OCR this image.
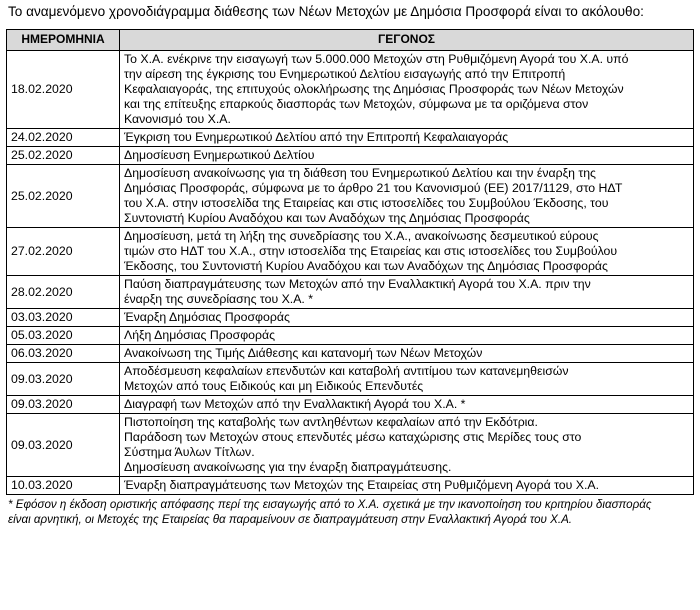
Το αναμενόμενο χρονοδιάγραμμα διάθεσης των Νέων Μετοχών με Δημόσια Προσφορά είναι το ακόλουθο:

ΗΜΕΡΟΜΗΝΙΑ	ΓΕΓΟΝΟΣ
18.02.2020	Το Χ.Α. ενέκρινε την εισαγωγή των 5.000.000 Μετοχών στη Ρυθμιζόμενη Αγορά του Χ.Α. υπό
την αίρεση της έγκρισης του Ενημερωτικού Δελτίου εισαγωγής από την Επιτροπή
Κεφαλαιαγοράς, της επιτυχούς ολοκλήρωσης της Δημόσιας Προσφοράς των Νέων Μετοχών
και της επίτευξης επαρκούς διασποράς των Μετοχών, σύμφωνα με τα οριζόμενα στον
Κανονισμό του Χ.Α.

24.02.2020	Έγκριση του Ενημερωτικού Δελτίου από την Επιτροπή Κεφαλαιαγοράς

25.02.2020	Δημοσίευση Ενημερωτικού Δελτίου

25.02.2020	Δημοσίευση ανακοίνωσης για τη διάθεση του Ενημερωτικού Δελτίου και την έναρξη της
Δημόσιας Προσφοράς, σύμφωνα με το άρθρο 21 του Κανονισμού (ΕΕ) 2017/1129, στο ΗΔΤ
του Χ.Α. στην ιστοσελίδα της Εταιρείας και στις ιστοσελίδες του Συμβούλου Έκδοσης, του
Συντονιστή Κυρίου Αναδόχου και των Αναδόχων της Δημόσιας Προσφοράς

27.02.2020	Δημοσίευση, μετά τη λήξη της συνεδρίασης του Χ.Α., ανακοίνωσης δεσμευτικού εύρους
τιμών στο ΗΔΤ του Χ.Α., στην ιστοσελίδα της Εταιρείας και στις ιστοσελίδες του Συμβούλου
Έκδοσης, του Συντονιστή Κυρίου Αναδόχου και των Αναδόχων της Δημόσιας Προσφοράς

28.02.2020	Παύση διαπραγμάτευσης των Μετοχών από την Εναλλακτική Αγορά του Χ.Α. πριν την
έναρξη της συνεδρίασης του Χ.Α. *

03.03.2020	Έναρξη Δημόσιας Προσφοράς

05.03.2020	Λήξη Δημόσιας Προσφοράς

06.03.2020	Ανακοίνωση της Τιμής Διάθεσης και κατανομή των Νέων Μετοχών

09.03.2020	Αποδέσμευση κεφαλαίων επενδυτών και καταβολή αντιτίμου των κατανεμηθεισών
Μετοχών από τους Ειδικούς και μη Ειδικούς Επενδυτές

09.03.2020	Διαγραφή των Μετοχών από την Εναλλακτική Αγορά του Χ.Α. *

09.03.2020	Πιστοποίηση της καταβολής των αντληθέντων κεφαλαίων από την Εκδότρια.
Παράδοση των Μετοχών στους επενδυτές μέσω καταχώρισης στις Μερίδες τους στο
Σύστημα Άυλων Τίτλων.
Δημοσίευση ανακοίνωσης για την έναρξη διαπραγμάτευσης.

10.03.2020	Έναρξη διαπραγμάτευσης των Μετοχών της Εταιρείας στη Ρυθμιζόμενη Αγορά του Χ.Α.
* Εφόσον η έκδοση οριστικής απόφασης περί της εισαγωγής από το Χ.Α. σχετικά με την ικανοποίηση του κριτηρίου διασποράς
είναι αρνητική, οι Μετοχές της Εταιρείας θα παραμείνουν σε διαπραγμάτευση στην Εναλλακτική Αγορά του Χ.Α.
